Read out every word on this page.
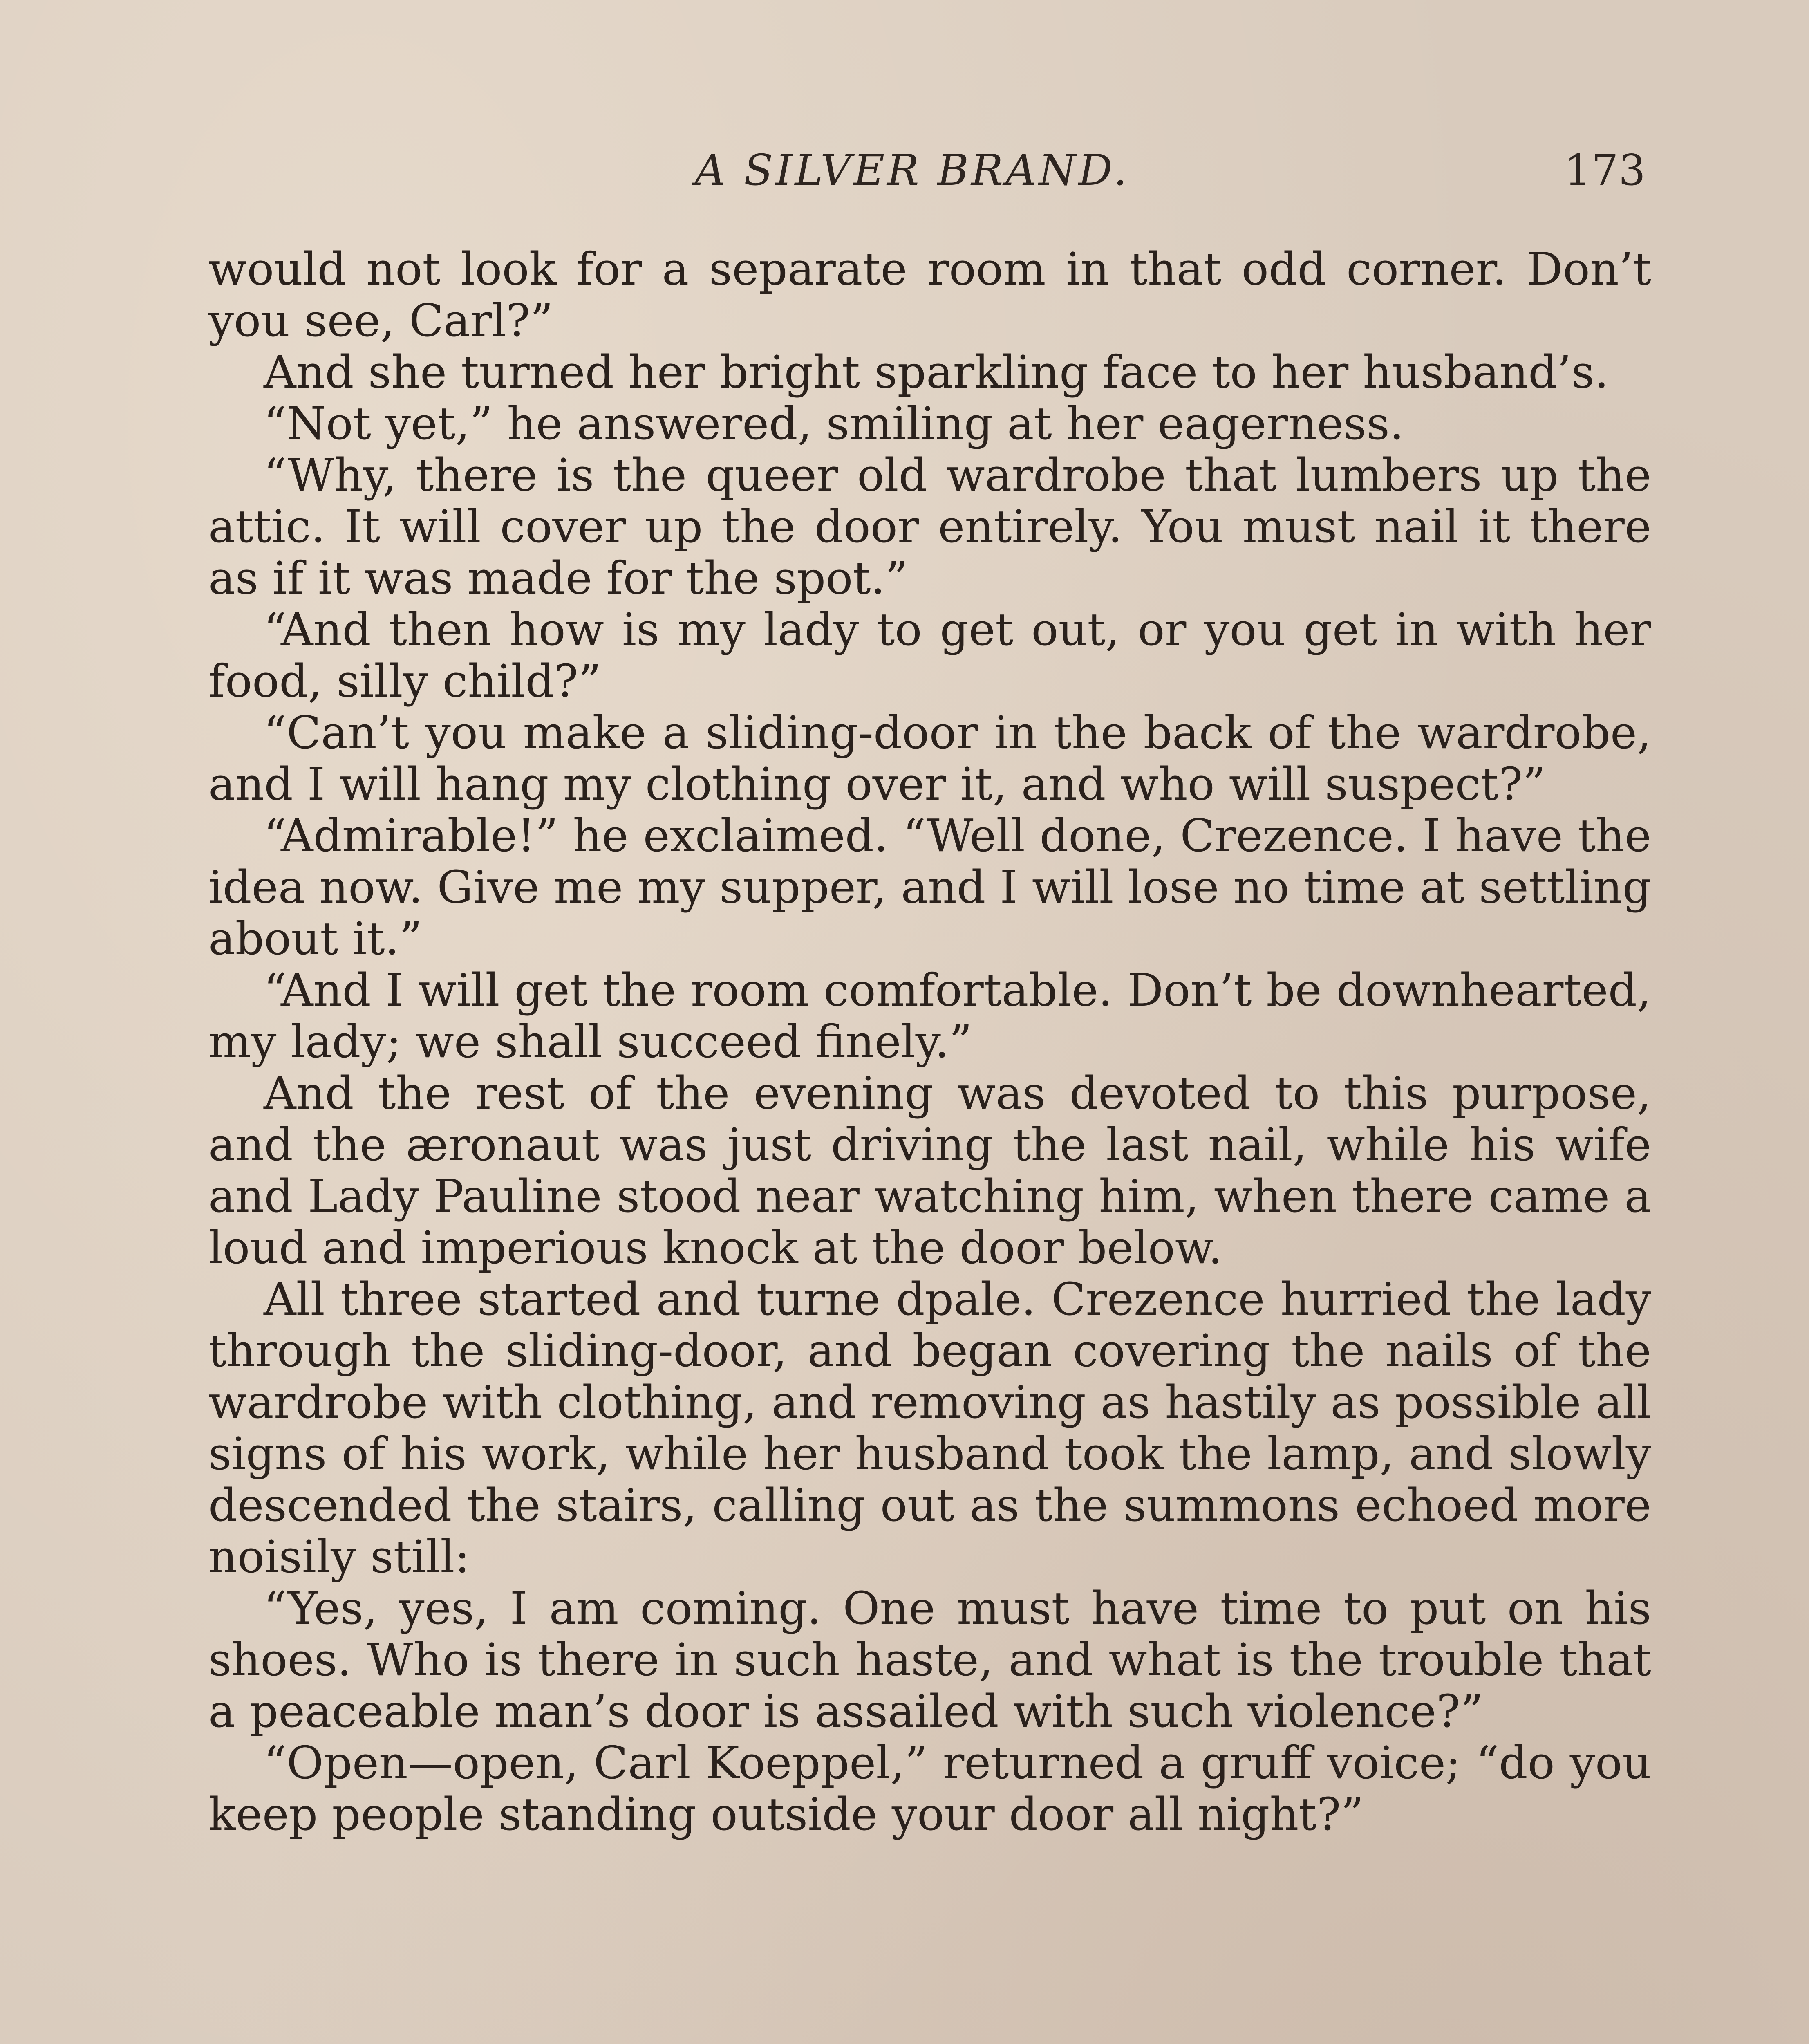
A SILVER BRAND.	173

would not look for a separate room in that odd corner. Don’t you see, Carl?”

And she turned her bright sparkling face to her husband’s.

“Not yet,” he answered, smiling at her eagerness.

“Why, there is the queer old wardrobe that lumbers up the attic. It will cover up the door entirely. You must nail it there as if it was made for the spot.”

“And then how is my lady to get out, or you get in with her food, silly child?”

“Can’t you make a sliding-door in the back of the wardrobe, and I will hang my clothing over it, and who will suspect?”

“Admirable!” he exclaimed. “Well done, Crezence. I have the idea now. Give me my supper, and I will lose no time at settling about it.”

“And I will get the room comfortable. Don’t be downhearted, my lady; we shall succeed finely.”

And the rest of the evening was devoted to this purpose, and the æronaut was just driving the last nail, while his wife and Lady Pauline stood near watching him, when there came a loud and imperious knock at the door below.

All three started and turne dpale. Crezence hurried the lady through the sliding-door, and began covering the nails of the wardrobe with clothing, and removing as hastily as possible all signs of his work, while her husband took the lamp, and slowly descended the stairs, calling out as the summons echoed more noisily still:

“Yes, yes, I am coming. One must have time to put on his shoes. Who is there in such haste, and what is the trouble that a peaceable man’s door is assailed with such violence?”

“Open—open, Carl Koeppel,” returned a gruff voice; “do you keep people standing outside your door all night?”
